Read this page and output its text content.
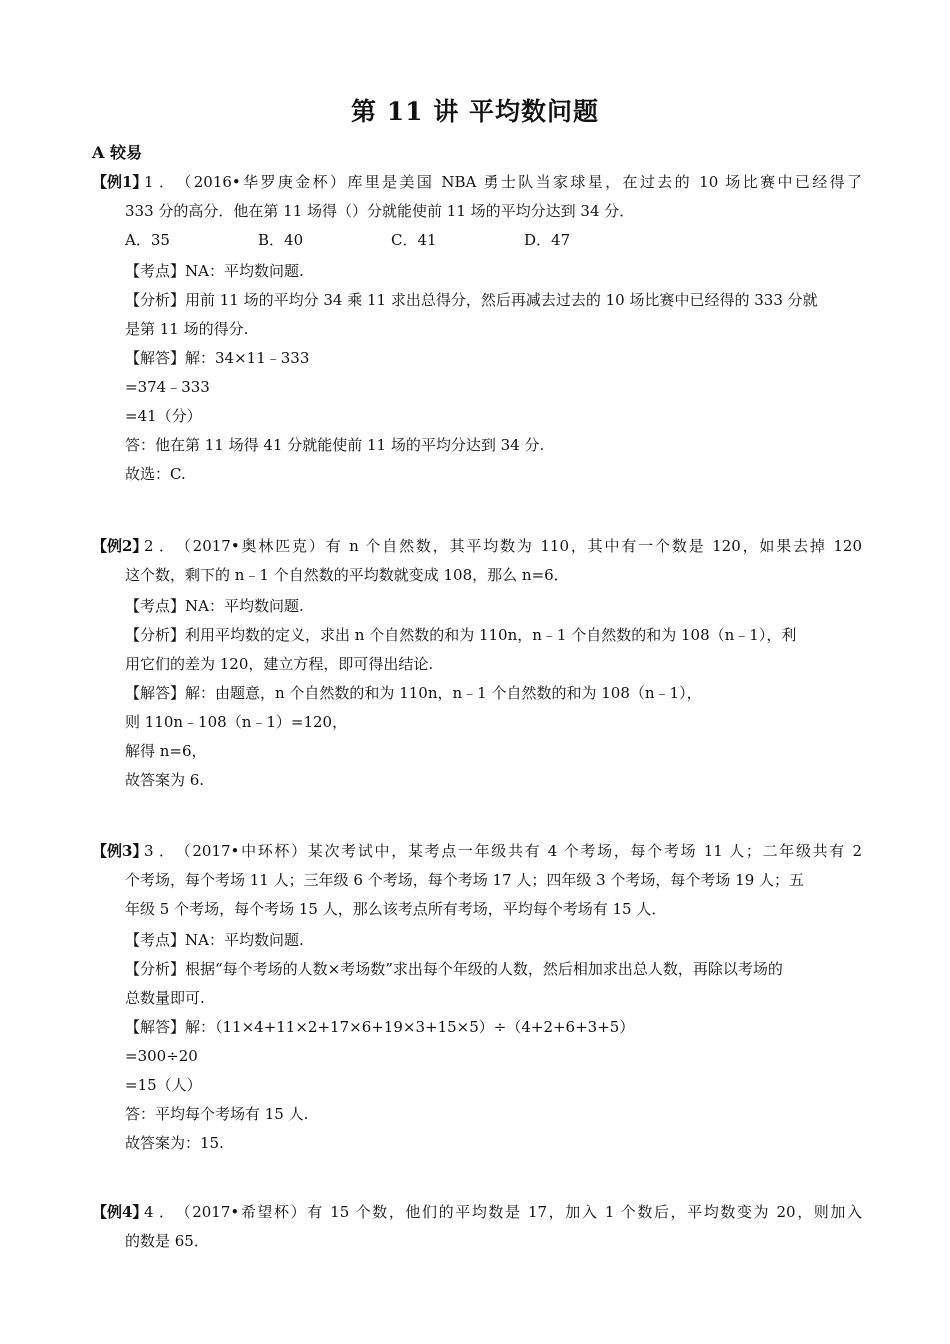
第 11 讲 平均数问题
A 较易
【例1】1．（2016•华罗庚金杯）库里是美国 NBA 勇士队当家球星，在过去的 10 场比赛中已经得了
333 分的高分．他在第 11 场得（）分就能使前 11 场的平均分达到 34 分．
A．35	B．40	C．41	D．47
【考点】NA：平均数问题.
【分析】用前 11 场的平均分 34 乘 11 求出总得分，然后再减去过去的 10 场比赛中已经得的 333 分就
是第 11 场的得分.
【解答】解：34×11﹣333
=374﹣333
=41（分）
答：他在第 11 场得 41 分就能使前 11 场的平均分达到 34 分.
故选：C.
【例2】2．（2017•奥林匹克）有 n 个自然数，其平均数为 110，其中有一个数是 120，如果去掉 120
这个数，剩下的 n﹣1 个自然数的平均数就变成 108，那么 n=6．
【考点】NA：平均数问题.
【分析】利用平均数的定义，求出 n 个自然数的和为 110n，n﹣1 个自然数的和为 108（n﹣1），利
用它们的差为 120，建立方程，即可得出结论.
【解答】解：由题意，n 个自然数的和为 110n，n﹣1 个自然数的和为 108（n﹣1），
则 110n﹣108（n﹣1）=120，
解得 n=6，
故答案为 6.
【例3】3．（2017•中环杯）某次考试中，某考点一年级共有 4 个考场，每个考场 11 人；二年级共有 2
个考场，每个考场 11 人；三年级 6 个考场，每个考场 17 人；四年级 3 个考场，每个考场 19 人；五
年级 5 个考场，每个考场 15 人，那么该考点所有考场，平均每个考场有 15 人．
【考点】NA：平均数问题.
【分析】根据“每个考场的人数×考场数”求出每个年级的人数，然后相加求出总人数，再除以考场的
总数量即可.
【解答】解：（11×4+11×2+17×6+19×3+15×5）÷（4+2+6+3+5）
=300÷20
=15（人）
答：平均每个考场有 15 人.
故答案为：15.
【例4】4．（2017•希望杯）有 15 个数，他们的平均数是 17，加入 1 个数后，平均数变为 20，则加入
的数是 65．
